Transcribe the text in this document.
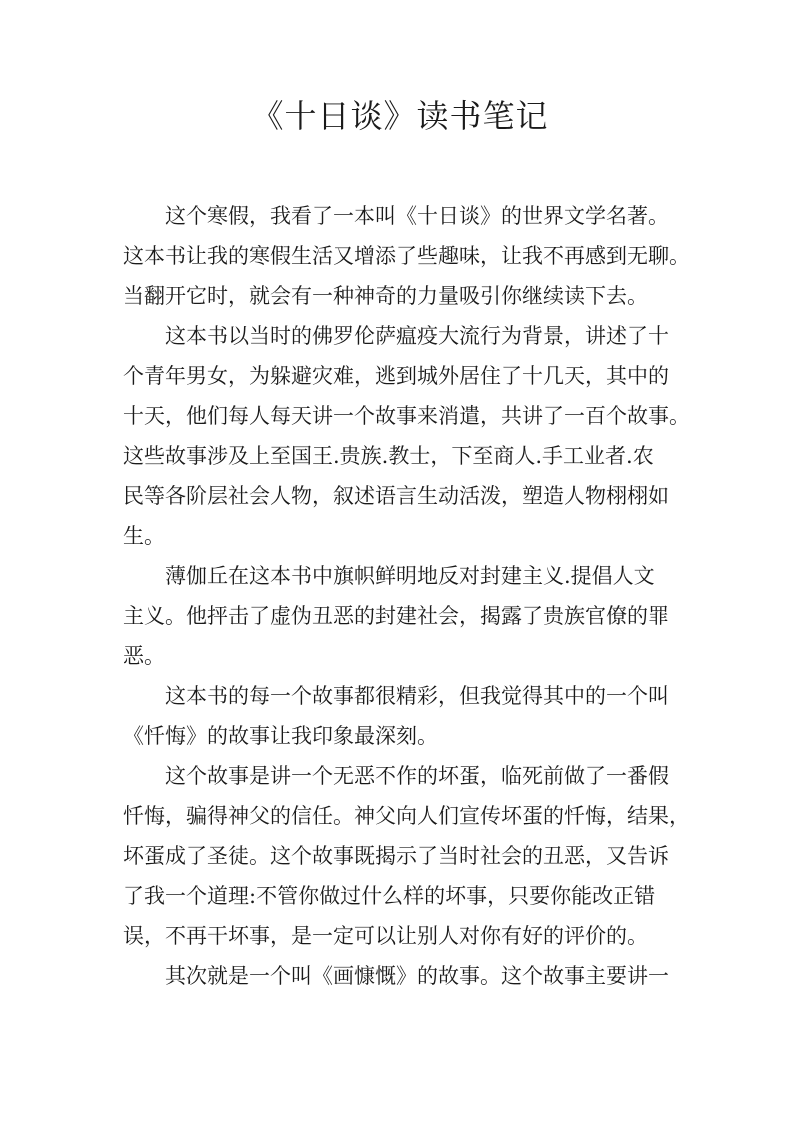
《十日谈》读书笔记
这个寒假，我看了一本叫《十日谈》的世界文学名著。
这本书让我的寒假生活又增添了些趣味，让我不再感到无聊。
当翻开它时，就会有一种神奇的力量吸引你继续读下去。
这本书以当时的佛罗伦萨瘟疫大流行为背景，讲述了十
个青年男女，为躲避灾难，逃到城外居住了十几天，其中的
十天，他们每人每天讲一个故事来消遣，共讲了一百个故事。
这些故事涉及上至国王.贵族.教士，下至商人.手工业者.农
民等各阶层社会人物，叙述语言生动活泼，塑造人物栩栩如
生。
薄伽丘在这本书中旗帜鲜明地反对封建主义.提倡人文
主义。他抨击了虚伪丑恶的封建社会，揭露了贵族官僚的罪
恶。
这本书的每一个故事都很精彩，但我觉得其中的一个叫
《忏悔》的故事让我印象最深刻。
这个故事是讲一个无恶不作的坏蛋，临死前做了一番假
忏悔，骗得神父的信任。神父向人们宣传坏蛋的忏悔，结果，
坏蛋成了圣徒。这个故事既揭示了当时社会的丑恶，又告诉
了我一个道理:不管你做过什么样的坏事，只要你能改正错
误，不再干坏事，是一定可以让别人对你有好的评价的。
其次就是一个叫《画慷慨》的故事。这个故事主要讲一
